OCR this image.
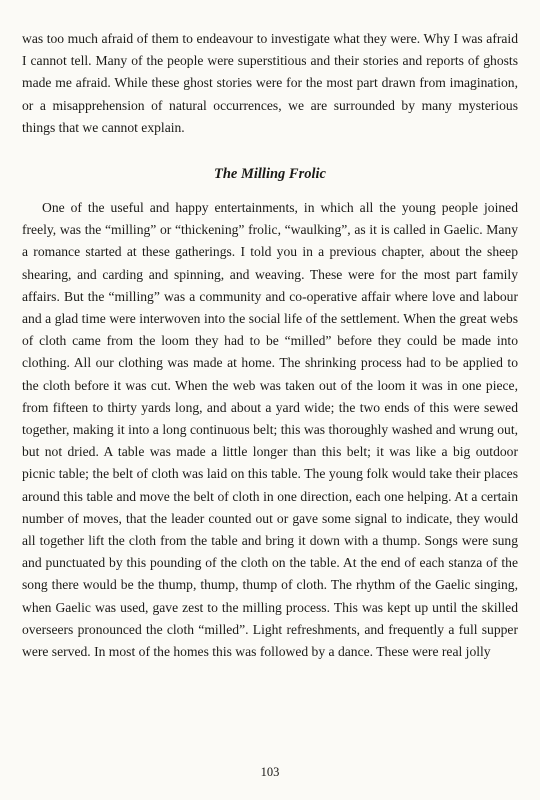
was too much afraid of them to endeavour to investigate what they were. Why I was afraid I cannot tell. Many of the people were superstitious and their stories and reports of ghosts made me afraid. While these ghost stories were for the most part drawn from imagination, or a misapprehension of natural occurrences, we are surrounded by many mysterious things that we cannot explain.

The Milling Frolic

One of the useful and happy entertainments, in which all the young people joined freely, was the “milling” or “thickening” frolic, “waulking”, as it is called in Gaelic. Many a romance started at these gatherings. I told you in a previous chapter, about the sheep shearing, and carding and spinning, and weaving. These were for the most part family affairs. But the “milling” was a community and co-operative affair where love and labour and a glad time were interwoven into the social life of the settlement. When the great webs of cloth came from the loom they had to be “milled” before they could be made into clothing. All our clothing was made at home. The shrinking process had to be applied to the cloth before it was cut. When the web was taken out of the loom it was in one piece, from fifteen to thirty yards long, and about a yard wide; the two ends of this were sewed together, making it into a long continuous belt; this was thoroughly washed and wrung out, but not dried. A table was made a little longer than this belt; it was like a big outdoor picnic table; the belt of cloth was laid on this table. The young folk would take their places around this table and move the belt of cloth in one direction, each one helping. At a certain number of moves, that the leader counted out or gave some signal to indicate, they would all together lift the cloth from the table and bring it down with a thump. Songs were sung and punctuated by this pounding of the cloth on the table. At the end of each stanza of the song there would be the thump, thump, thump of cloth. The rhythm of the Gaelic singing, when Gaelic was used, gave zest to the milling process. This was kept up until the skilled overseers pronounced the cloth “milled”. Light refreshments, and frequently a full supper were served. In most of the homes this was followed by a dance. These were real jolly

103
